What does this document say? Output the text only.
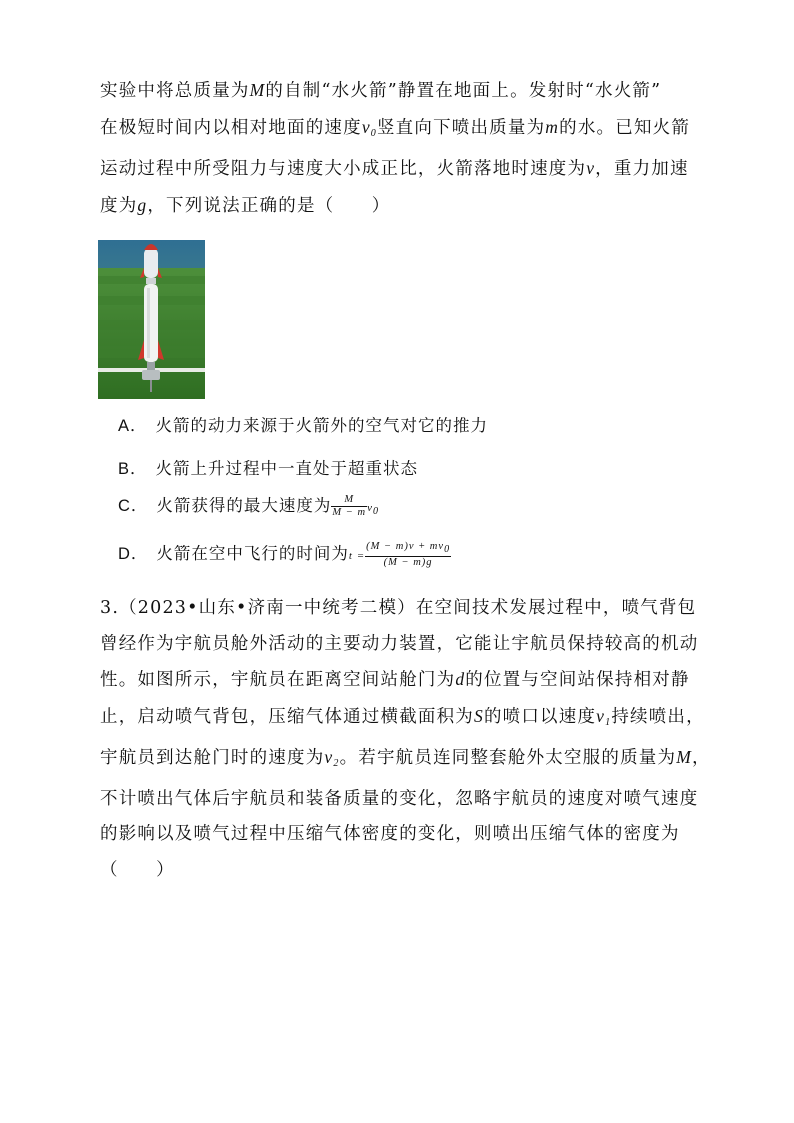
实验中将总质量为M的自制“水火箭”静置在地面上。发射时“水火箭”
在极短时间内以相对地面的速度$v_0$竖直向下喷出质量为m的水。已知火箭
运动过程中所受阻力与速度大小成正比，火箭落地时速度为v，重力加速
度为g，下列说法正确的是（　　）
A． 火箭的动力来源于火箭外的空气对它的推力
B． 火箭上升过程中一直处于超重状态
C． 火箭获得的最大速度为 $\frac{M}{M - m} v0$
D． 火箭在空中飞行的时间为$t = \frac{(M - m)v + mv0}{(M - m)g}$
3.（2023•山东•济南一中统考二模）在空间技术发展过程中，喷气背包
曾经作为宇航员舱外活动的主要动力装置，它能让宇航员保持较高的机动
性。如图所示，宇航员在距离空间站舱门为d的位置与空间站保持相对静
止，启动喷气背包，压缩气体通过横截面积为S的喷口以速度$v_1$持续喷出，
宇航员到达舱门时的速度为$v_2$。若宇航员连同整套舱外太空服的质量为M，
不计喷出气体后宇航员和装备质量的变化，忽略宇航员的速度对喷气速度
的影响以及喷气过程中压缩气体密度的变化，则喷出压缩气体的密度为
（　　）
